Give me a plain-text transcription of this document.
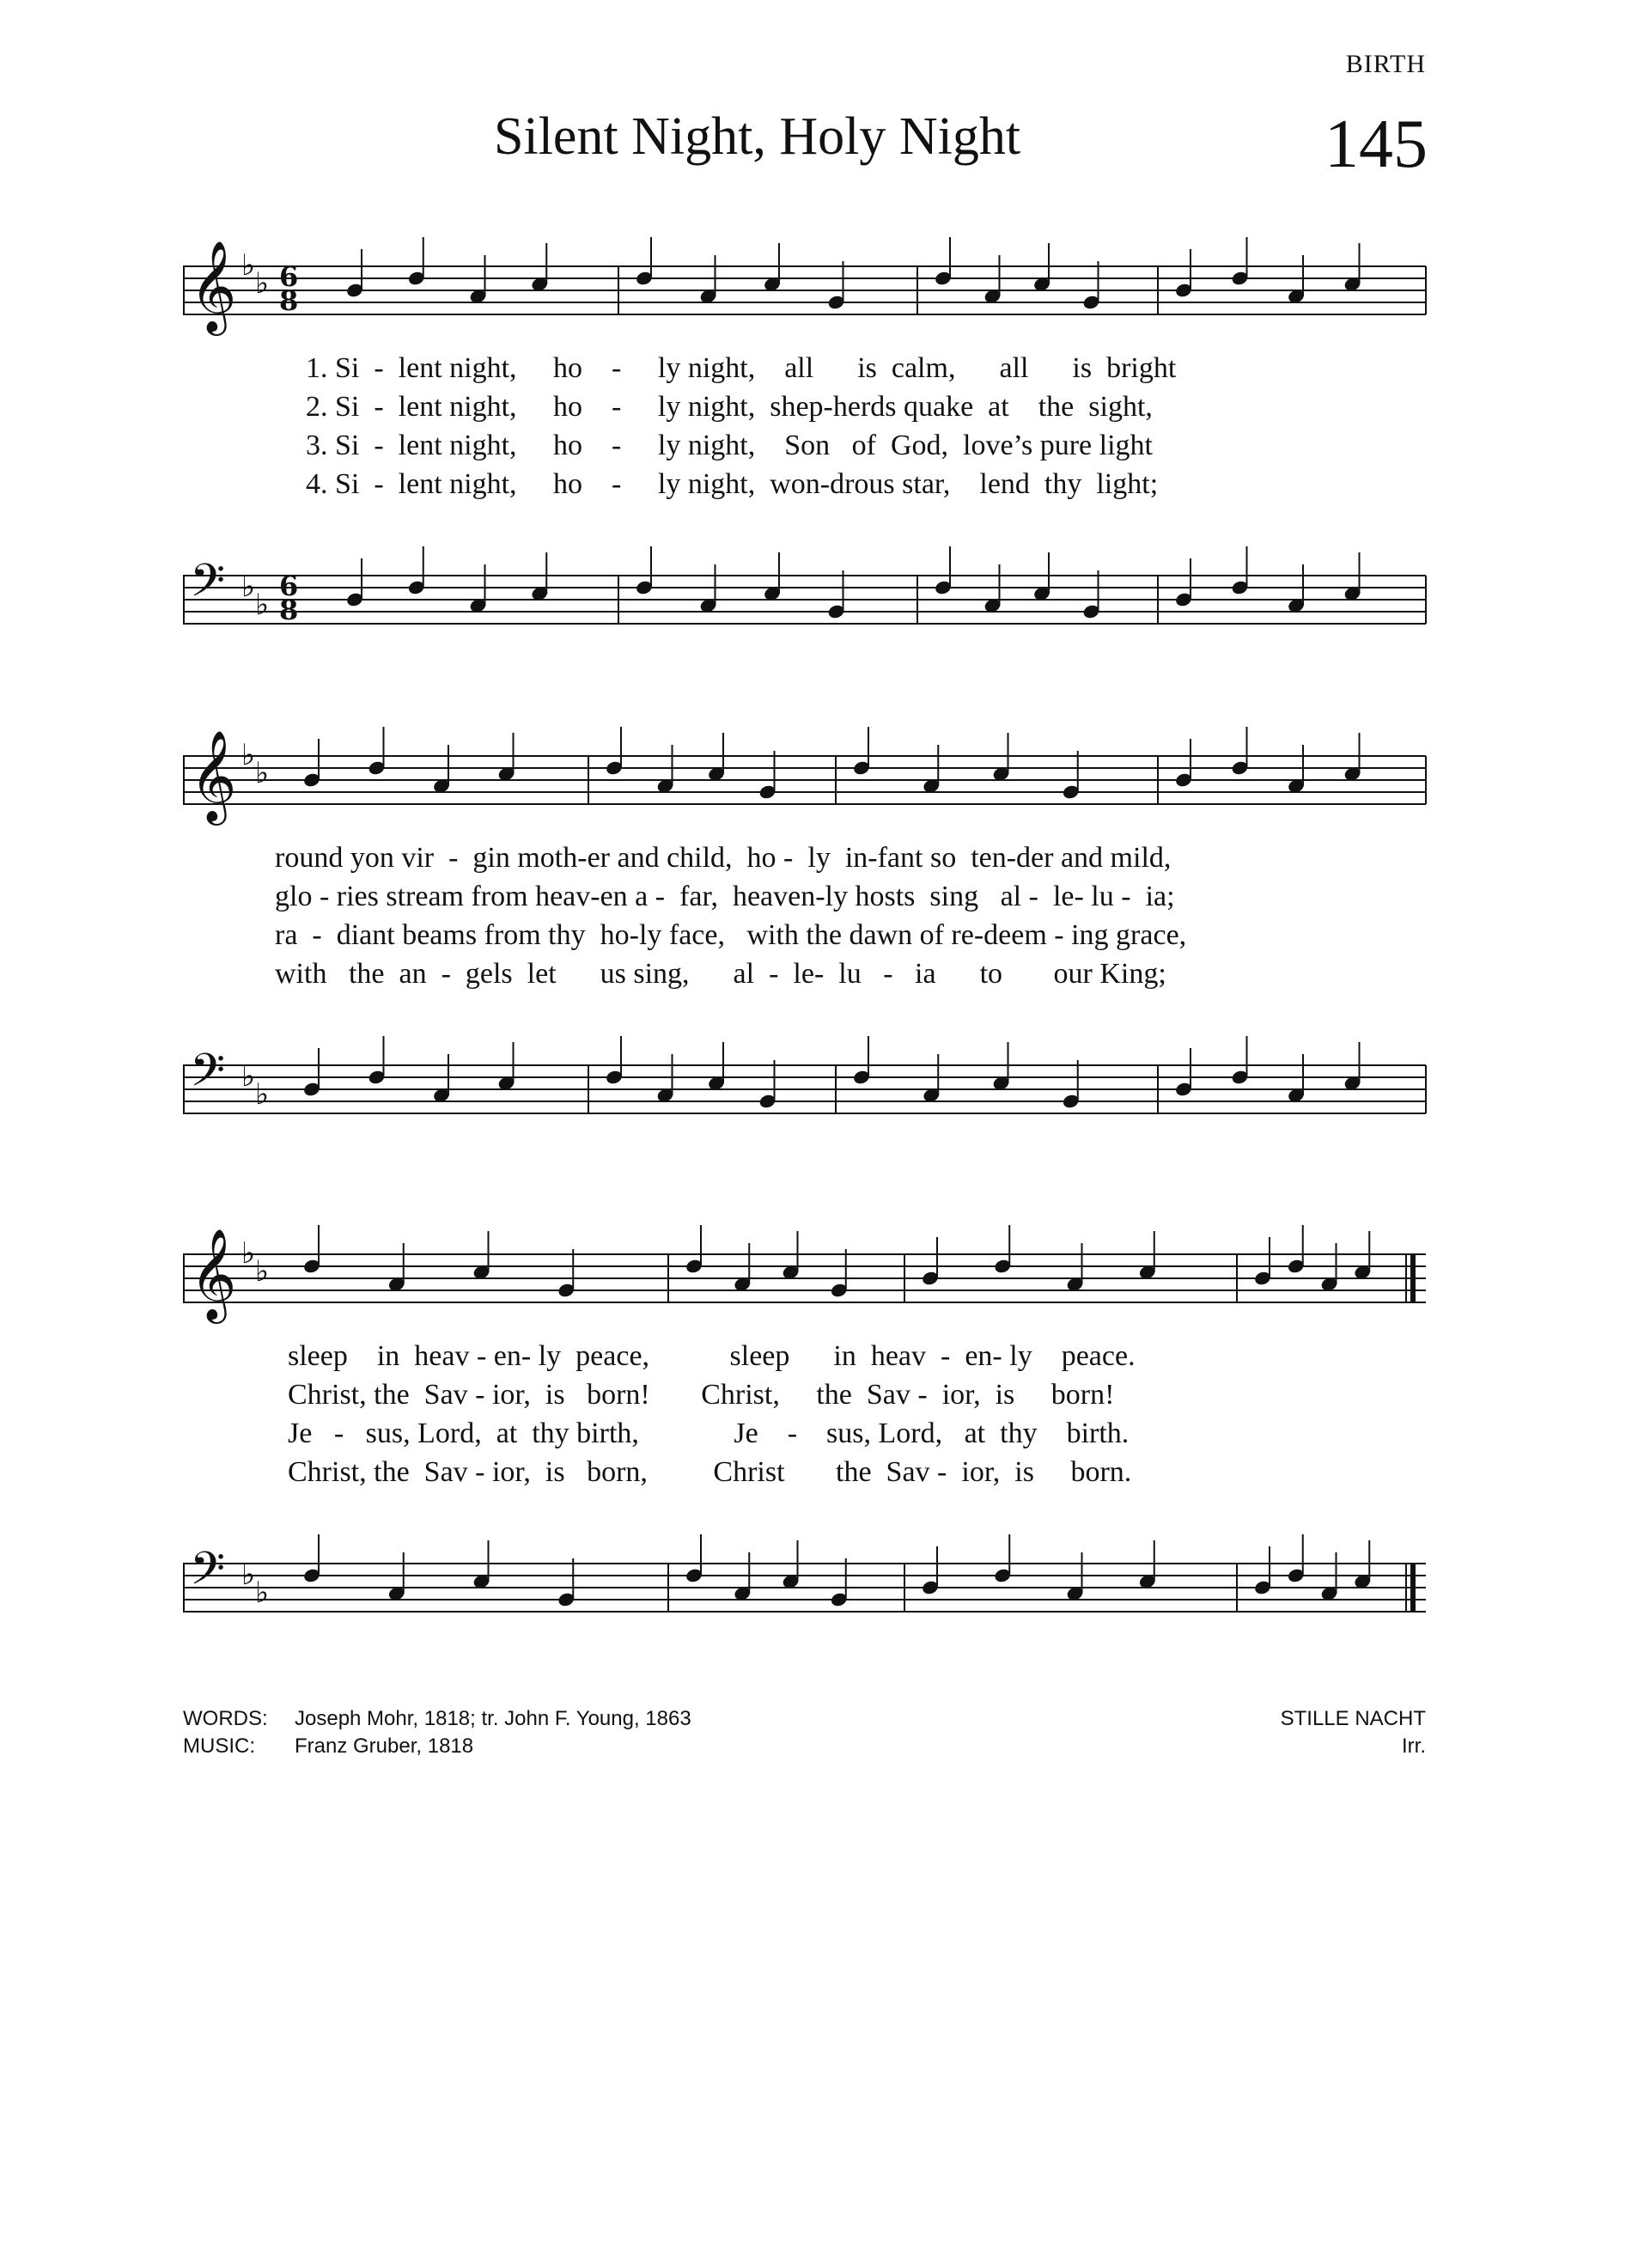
BIRTH
Silent Night, Holy Night	145
𝄞 ♭
♭ 6
8
1. Si  -  lent night,     ho    -     ly night,    all      is  calm,      all      is  bright
2. Si  -  lent night,     ho    -     ly night,  shep-herds quake  at    the  sight,
3. Si  -  lent night,     ho    -     ly night,    Son   of  God,  love’s pure light
4. Si  -  lent night,     ho    -     ly night,  won-drous star,    lend  thy  light;
𝄢 ♭
♭
6
8
𝄞 ♭
♭
round yon vir  -  gin moth-er and child,  ho -  ly  in-fant so  ten-der and mild,
glo - ries stream from heav-en a -  far,  heaven-ly hosts  sing   al -  le- lu -  ia;
ra  -  diant beams from thy  ho-ly face,   with the dawn of re-deem - ing grace,
with   the  an  -  gels  let      us sing,      al  -  le-  lu   -   ia      to       our King;
𝄢 ♭
♭
𝄞 ♭
♭
sleep    in  heav - en- ly  peace,           sleep      in  heav  -  en- ly    peace.
Christ, the  Sav - ior,  is   born!       Christ,     the  Sav -  ior,  is     born!
Je   -   sus, Lord,  at  thy birth,             Je    -    sus, Lord,   at  thy    birth.
Christ, the  Sav - ior,  is   born,         Christ       the  Sav -  ior,  is     born.
𝄢 ♭
♭
WORDS: Joseph Mohr, 1818; tr. John F. Young, 1863
MUSIC: Franz Gruber, 1818
STILLE NACHT
Irr.
